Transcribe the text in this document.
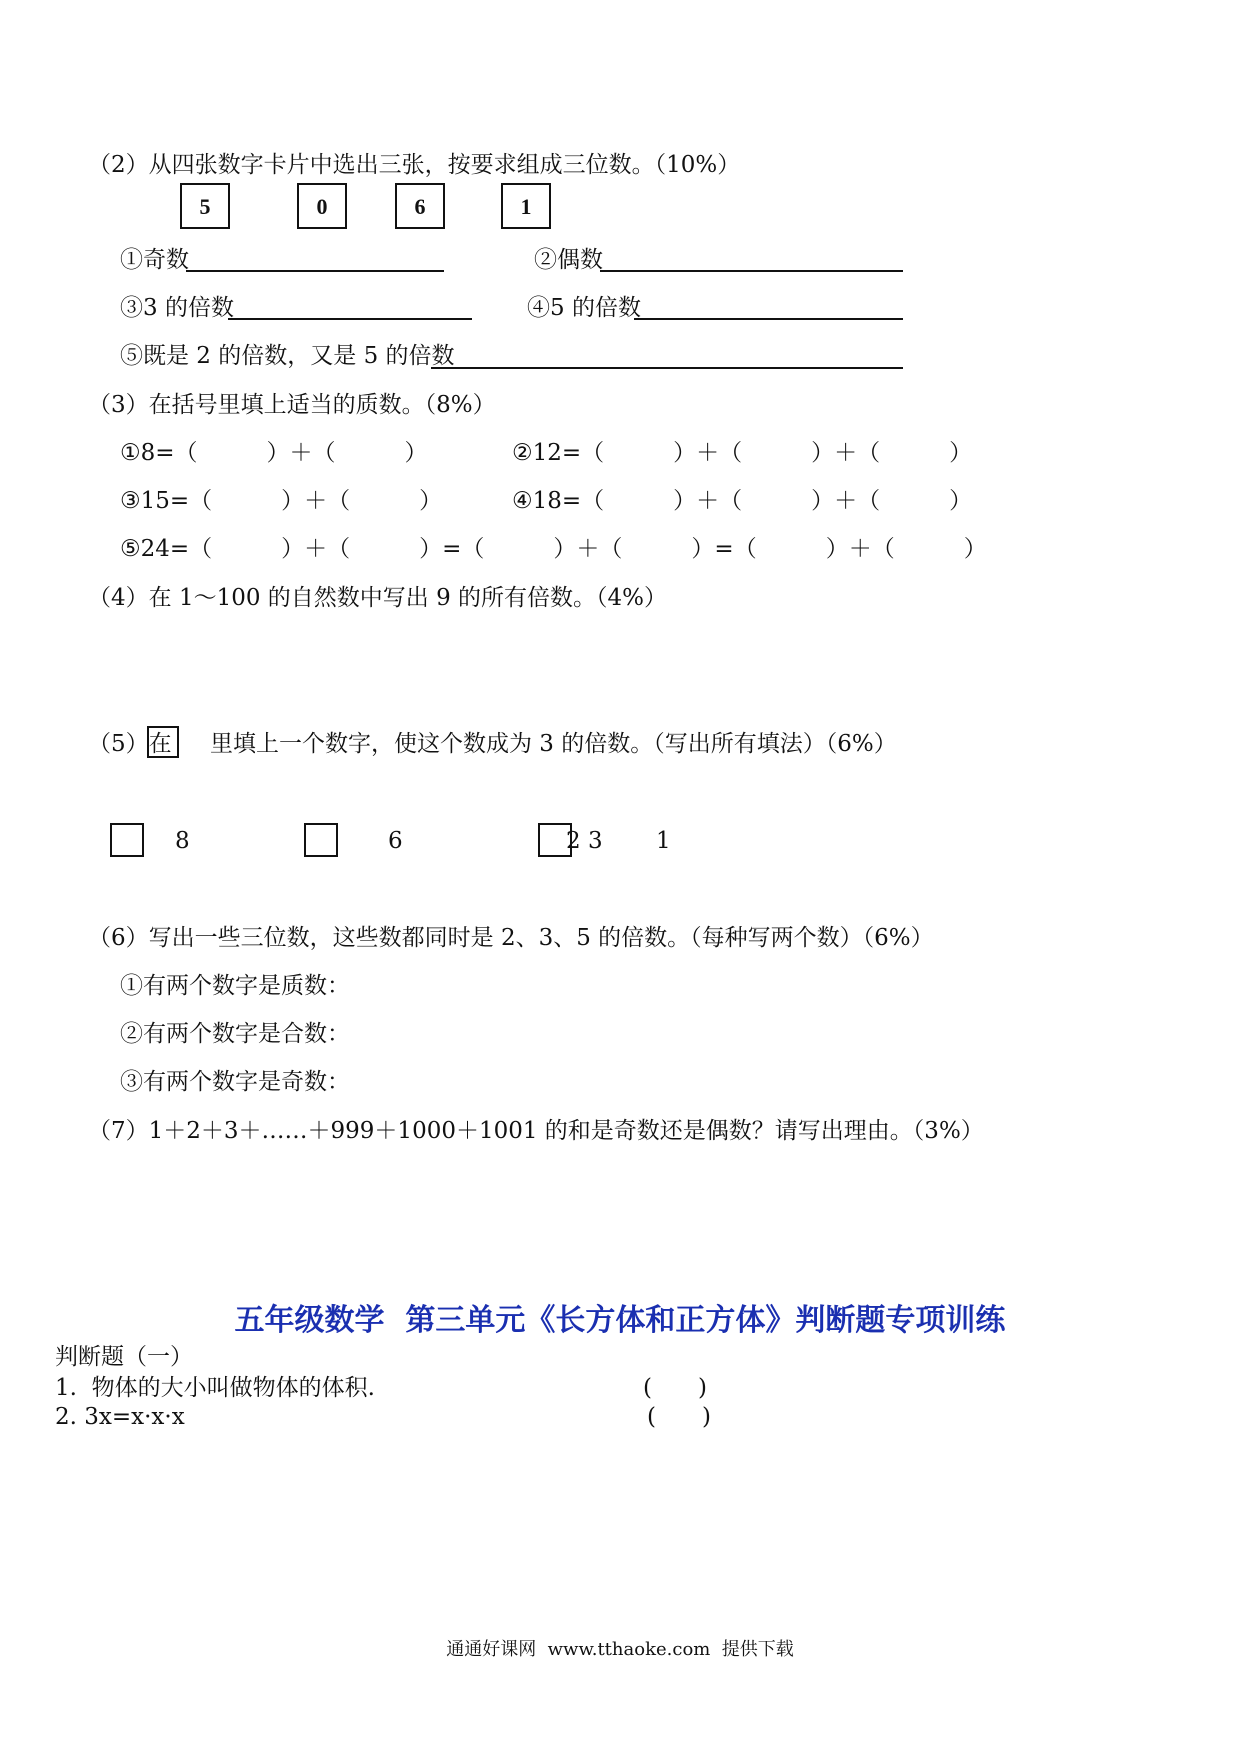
（2）从四张数字卡片中选出三张，按要求组成三位数。（10%）
5	0	6	1
①奇数	②偶数
③3 的倍数	④5 的倍数
⑤既是 2 的倍数，又是 5 的倍数
（3）在括号里填上适当的质数。（8%）
①8=（　　　）＋（　　　）	②12=（　　　）＋（　　　）＋（　　　）
③15=（　　　）＋（　　　）	④18=（　　　）＋（　　　）＋（　　　）
⑤24=（　　　）＋（　　　）=（　　　）＋（　　　）=（　　　）＋（　　　）
（4）在 1～100 的自然数中写出 9 的所有倍数。（4%）
（5）在 里填上一个数字，使这个数成为 3 的倍数。（写出所有填法）（6%）
8	6	2 3 1
（6）写出一些三位数，这些数都同时是 2、3、5 的倍数。（每种写两个数）（6%）
①有两个数字是质数：
②有两个数字是合数：
③有两个数字是奇数：
（7）1＋2＋3＋……＋999＋1000＋1001 的和是奇数还是偶数？请写出理由。（3%）
五年级数学  第三单元《长方体和正方体》判断题专项训练
判断题（一）
1.  物体的大小叫做物体的体积.	(　　)
2. 3x=x·x·x	(　　)
通通好课网  www.tthaoke.com  提供下载
